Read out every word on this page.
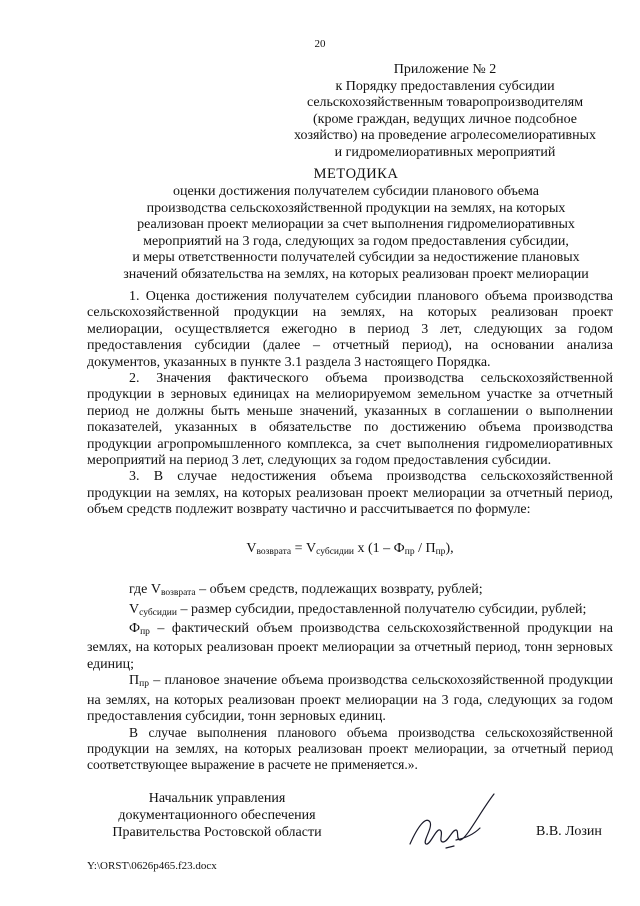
20
Приложение № 2
к Порядку предоставления субсидии
сельскохозяйственным товаропроизводителям
(кроме граждан, ведущих личное подсобное
хозяйство) на проведение агролесомелиоративных
и гидромелиоративных мероприятий
МЕТОДИКА
оценки достижения получателем субсидии планового объема
производства сельскохозяйственной продукции на землях, на которых
реализован проект мелиорации за счет выполнения гидромелиоративных
мероприятий на 3 года, следующих за годом предоставления субсидии,
и меры ответственности получателей субсидии за недостижение плановых
значений обязательства на землях, на которых реализован проект мелиорации

1. Оценка достижения получателем субсидии планового объема производства сельскохозяйственной продукции на землях, на которых реализован проект мелиорации, осуществляется ежегодно в период 3 лет, следующих за годом предоставления субсидии (далее – отчетный период), на основании анализа документов, указанных в пункте 3.1 раздела 3 настоящего Порядка.

2. Значения фактического объема производства сельскохозяйственной продукции в зерновых единицах на мелиорируемом земельном участке за отчетный период не должны быть меньше значений, указанных в соглашении о выполнении показателей, указанных в обязательстве по достижению объема производства продукции агропромышленного комплекса, за счет выполнения гидромелиоративных мероприятий на период 3 лет, следующих за годом предоставления субсидии.

3. В случае недостижения объема производства сельскохозяйственной продукции на землях, на которых реализован проект мелиорации за отчетный период, объем средств подлежит возврату частично и рассчитывается по формуле:

$V_{возврата} = V_{субсидии}$ x $(1 - Ф_{пр} / П_{пр})$,

где $V_{возврата}$ – объем средств, подлежащих возврату, рублей;

$V_{субсидии}$ – размер субсидии, предоставленной получателю субсидии, рублей;

$Ф_{пр}$ – фактический объем производства сельскохозяйственной продукции на землях, на которых реализован проект мелиорации за отчетный период, тонн зерновых единиц;

$П_{пр}$ – плановое значение объема производства сельскохозяйственной продукции на землях, на которых реализован проект мелиорации на 3 года, следующих за годом предоставления субсидии, тонн зерновых единиц.

В случае выполнения планового объема производства сельскохозяйственной продукции на землях, на которых реализован проект мелиорации, за отчетный период соответствующее выражение в расчете не применяется.».

Начальник управления
документационного обеспечения
Правительства Ростовской области	В.В. Лозин
Y:\ORST\0626p465.f23.docx
